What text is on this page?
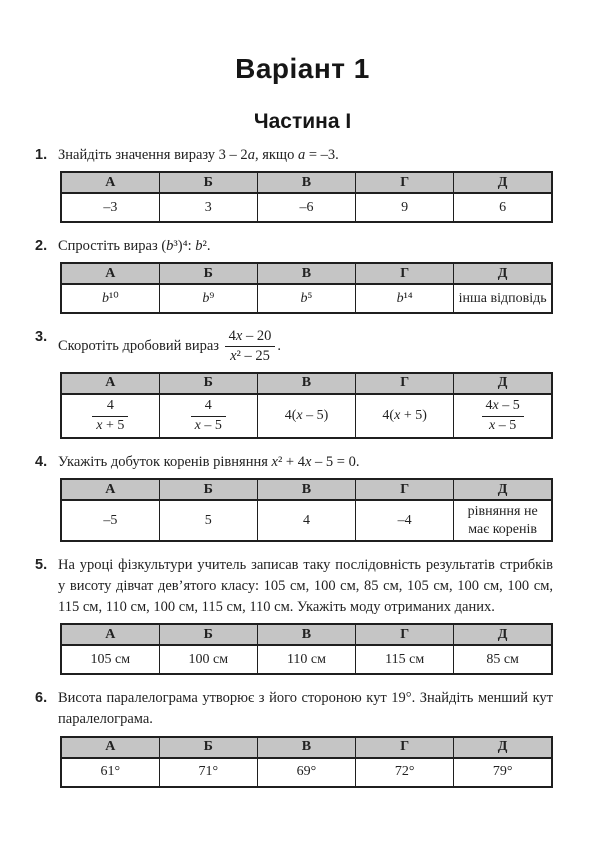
Варіант 1
Частина I
1. Знайдіть значення виразу 3 – 2a, якщо a = –3.
А	Б	В	Г	Д
–3	3	–6	9	6
2. Спростіть вираз (b³)⁴: b².
А	Б	В	Г	Д
b¹⁰	b⁹	b⁵	b¹⁴	інша відповідь
3.
Скоротіть дробовий вираз $\frac{4x - 20}{\text{x² – 25}}$ .
А	Б	В	Г	Д

$\frac{4}{x + 5}$	$\frac{4}{x - 5}$	4(x – 5)	4(x + 5)	$\frac{4x - 5}{x - 5}$
4. Укажіть добуток коренів рівняння x² + 4x – 5 = 0.
А	Б	В	Г	Д
–5	5	4	–4	рівняння не має коренів
5. На уроці фізкультури учитель записав таку послідовність результатів стрибків у висоту дівчат дев’ятого класу: 105 см, 100 см, 85 см, 105 см, 100 см, 100 см, 115 см, 110 см, 100 см, 115 см, 110 см. Укажіть моду отриманих даних.
А	Б	В	Г	Д
105 см	100 см	110 см	115 см	85 см
6. Висота паралелограма утворює з його стороною кут 19°. Знайдіть менший кут паралелограма.
А	Б	В	Г	Д
61°	71°	69°	72°	79°
